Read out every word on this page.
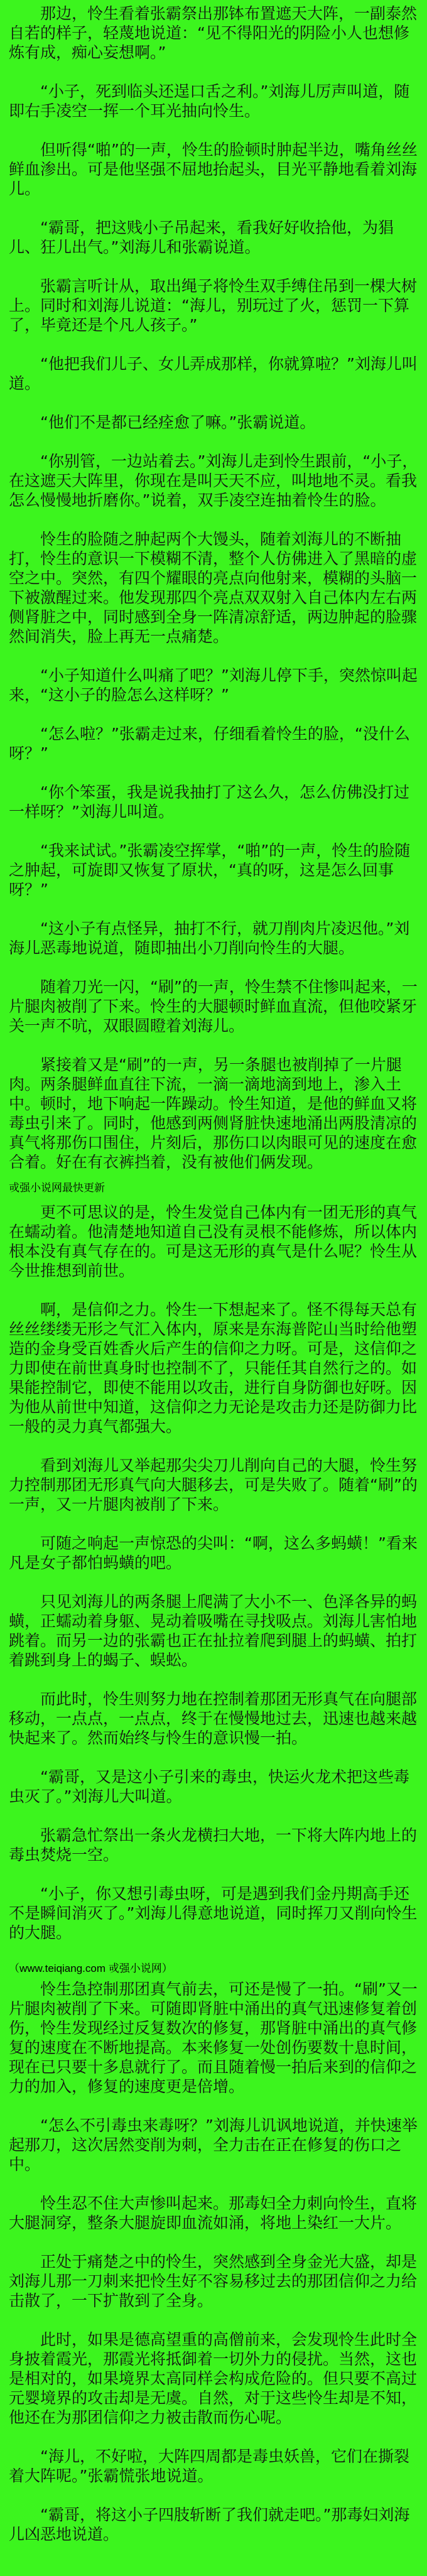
那边，怜生看着张霸祭出那钵布置遮天大阵，一副泰然自若的样子，轻蔑地说道：“见不得阳光的阴险小人也想修炼有成，痴心妄想啊。”

“小子，死到临头还逞口舌之利。”刘海儿厉声叫道，随即右手凌空一挥一个耳光抽向怜生。

但听得“啪”的一声，怜生的脸顿时肿起半边，嘴角丝丝鲜血渗出。可是他坚强不屈地抬起头，目光平静地看着刘海儿。

“霸哥，把这贱小子吊起来，看我好好收拾他，为猖儿、狂儿出气。”刘海儿和张霸说道。

张霸言听计从，取出绳子将怜生双手缚住吊到一棵大树上。同时和刘海儿说道：“海儿，别玩过了火，惩罚一下算了，毕竟还是个凡人孩子。”

“他把我们儿子、女儿弄成那样，你就算啦？”刘海儿叫道。

“他们不是都已经痊愈了嘛。”张霸说道。

“你别管，一边站着去。”刘海儿走到怜生跟前，“小子，在这遮天大阵里，你现在是叫天天不应，叫地地不灵。看我怎么慢慢地折磨你。”说着，双手凌空连抽着怜生的脸。

怜生的脸随之肿起两个大馒头，随着刘海儿的不断抽打，怜生的意识一下模糊不清，整个人仿佛进入了黑暗的虚空之中。突然，有四个耀眼的亮点向他射来，模糊的头脑一下被激醒过来。他发现那四个亮点双双射入自己体内左右两侧肾脏之中，同时感到全身一阵清凉舒适，两边肿起的脸骤然间消失，脸上再无一点痛楚。

“小子知道什么叫痛了吧？”刘海儿停下手，突然惊叫起来，“这小子的脸怎么这样呀？”

“怎么啦？”张霸走过来，仔细看着怜生的脸，“没什么呀？”

“你个笨蛋，我是说我抽打了这么久，怎么仿佛没打过一样呀？”刘海儿叫道。

“我来试试。”张霸凌空挥掌，“啪”的一声，怜生的脸随之肿起，可旋即又恢复了原状，“真的呀，这是怎么回事呀？”

“这小子有点怪异，抽打不行，就刀削肉片凌迟他。”刘海儿恶毒地说道，随即抽出小刀削向怜生的大腿。

随着刀光一闪，“刷”的一声，怜生禁不住惨叫起来，一片腿肉被削了下来。怜生的大腿顿时鲜血直流，但他咬紧牙关一声不吭，双眼圆瞪着刘海儿。

紧接着又是“刷”的一声，另一条腿也被削掉了一片腿肉。两条腿鲜血直往下流，一滴一滴地滴到地上，渗入土中。顿时，地下响起一阵躁动。怜生知道，是他的鲜血又将毒虫引来了。同时，他感到两侧肾脏快速地涌出两股清凉的真气将那伤口围住，片刻后，那伤口以肉眼可见的速度在愈合着。好在有衣裤挡着，没有被他们俩发现。

戓强小说网最快更新

更不可思议的是，怜生发觉自己体内有一团无形的真气在蠕动着。他清楚地知道自己没有灵根不能修炼，所以体内根本没有真气存在的。可是这无形的真气是什么呢？怜生从今世推想到前世。

啊，是信仰之力。怜生一下想起来了。怪不得每天总有丝丝缕缕无形之气汇入体内，原来是东海普陀山当时给他塑造的金身受百姓香火后产生的信仰之力呀。可是，这信仰之力即使在前世真身时也控制不了，只能任其自然行之的。如果能控制它，即使不能用以攻击，进行自身防御也好呀。因为他从前世中知道，这信仰之力无论是攻击力还是防御力比一般的灵力真气都强大。

看到刘海儿又举起那尖尖刀儿削向自己的大腿，怜生努力控制那团无形真气向大腿移去，可是失败了。随着“刷”的一声，又一片腿肉被削了下来。

可随之响起一声惊恐的尖叫：“啊，这么多蚂蟥！”看来凡是女子都怕蚂蟥的吧。

只见刘海儿的两条腿上爬满了大小不一、色泽各异的蚂蟥，正蠕动着身躯、晃动着吸嘴在寻找吸点。刘海儿害怕地跳着。而另一边的张霸也正在扯拉着爬到腿上的蚂蟥、拍打着跳到身上的蝎子、蜈蚣。

而此时，怜生则努力地在控制着那团无形真气在向腿部移动，一点点，一点点，终于在慢慢地过去，迅速也越来越快起来了。然而始终与怜生的意识慢一拍。

“霸哥，又是这小子引来的毒虫，快运火龙术把这些毒虫灭了。”刘海儿大叫道。

张霸急忙祭出一条火龙横扫大地，一下将大阵内地上的毒虫焚烧一空。

“小子，你又想引毒虫呀，可是遇到我们金丹期高手还不是瞬间消灭了。”刘海儿得意地说道，同时挥刀又削向怜生的大腿。

（www.teiqiang.com 戓强小说网）

怜生急控制那团真气前去，可还是慢了一拍。“刷”又一片腿肉被削了下来。可随即肾脏中涌出的真气迅速修复着创伤，怜生发现经过反复数次的修复，那肾脏中涌出的真气修复的速度在不断地提高。本来修复一处创伤要数十息时间，现在已只要十多息就行了。而且随着慢一拍后来到的信仰之力的加入，修复的速度更是倍增。

“怎么不引毒虫来毒呀？”刘海儿讥讽地说道，并快速举起那刀，这次居然变削为刺，全力击在正在修复的伤口之中。

怜生忍不住大声惨叫起来。那毒妇全力刺向怜生，直将大腿洞穿，整条大腿旋即血流如涌，将地上染红一大片。

正处于痛楚之中的怜生，突然感到全身金光大盛，却是刘海儿那一刀刺来把怜生好不容易移过去的那团信仰之力给击散了，一下扩散到了全身。

此时，如果是德高望重的高僧前来，会发现怜生此时全身披着霞光，那霞光将抵御着一切外力的侵扰。当然，这也是相对的，如果境界太高同样会构成危险的。但只要不高过元婴境界的攻击却是无虞。自然，对于这些怜生却是不知，他还在为那团信仰之力被击散而伤心呢。

“海儿，不好啦，大阵四周都是毒虫妖兽，它们在撕裂着大阵呢。”张霸慌张地说道。

“霸哥，将这小子四肢斩断了我们就走吧。”那毒妇刘海儿凶恶地说道。
